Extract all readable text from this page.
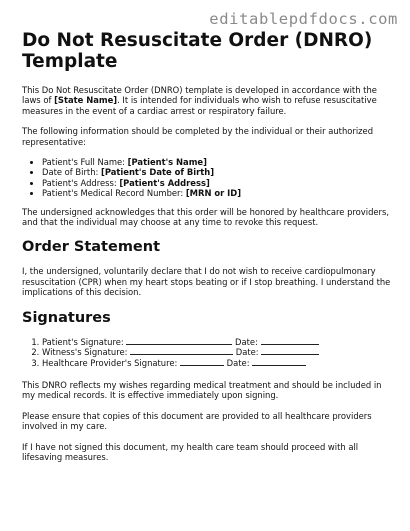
editablepdfdocs.com
Do Not Resuscitate Order (DNRO)
Template

This Do Not Resuscitate Order (DNRO) template is developed in accordance with the laws of [State Name]. It is intended for individuals who wish to refuse resuscitative measures in the event of a cardiac arrest or respiratory failure.

The following information should be completed by the individual or their authorized representative:

• Patient's Full Name: [Patient's Name]
• Date of Birth: [Patient's Date of Birth]
• Patient's Address: [Patient's Address]
• Patient's Medical Record Number: [MRN or ID]

The undersigned acknowledges that this order will be honored by healthcare providers, and that the individual may choose at any time to revoke this request.

Order Statement

I, the undersigned, voluntarily declare that I do not wish to receive cardiopulmonary resuscitation (CPR) when my heart stops beating or if I stop breathing. I understand the implications of this decision.

Signatures
1. Patient's Signature:	Date:
2. Witness's Signature:	Date:
3. Healthcare Provider's Signature:	Date:

This DNRO reflects my wishes regarding medical treatment and should be included in my medical records. It is effective immediately upon signing.

Please ensure that copies of this document are provided to all healthcare providers involved in my care.

If I have not signed this document, my health care team should proceed with all lifesaving measures.
